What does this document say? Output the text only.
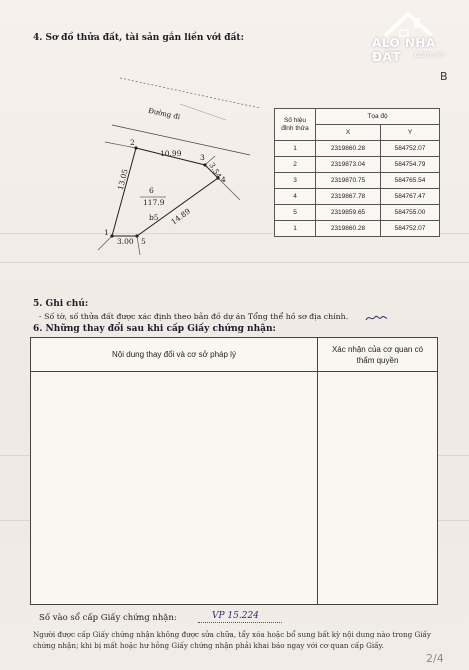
ALO NHÀ ĐẤT	.com.vn
B
4. Sơ đồ thửa đất, tài sản gắn liền với đất:
Đường đi
1
2
3
4
5
13.05
10.99
3.54
14.89
3.00
6
117.9
b5
Số hiệu đỉnh thửa	Tọa độ	
	X	Y
1	2319860.28	584752.07
2	2319873.04	584754.79
3	2319870.75	584765.54
4	2319867.78	584767.47
5	2319859.65	584755.00
1	2319860.28	584752.07
5. Ghi chú:
- Số tờ, số thửa đất được xác định theo bản đồ dự án Tổng thể hồ sơ địa chính.
6. Những thay đổi sau khi cấp Giấy chứng nhận:
Nội dung thay đổi và cơ sở pháp lý	Xác nhận của cơ quan có thẩm quyền

Số vào sổ cấp Giấy chứng nhận:	VP 15.224
Người được cấp Giấy chứng nhận không được sửa chữa, tẩy xóa hoặc bổ sung bất kỳ nội dung nào trong Giấy chứng nhận; khi bị mất hoặc hư hỏng Giấy chứng nhận phải khai báo ngay với cơ quan cấp Giấy.
2/4
